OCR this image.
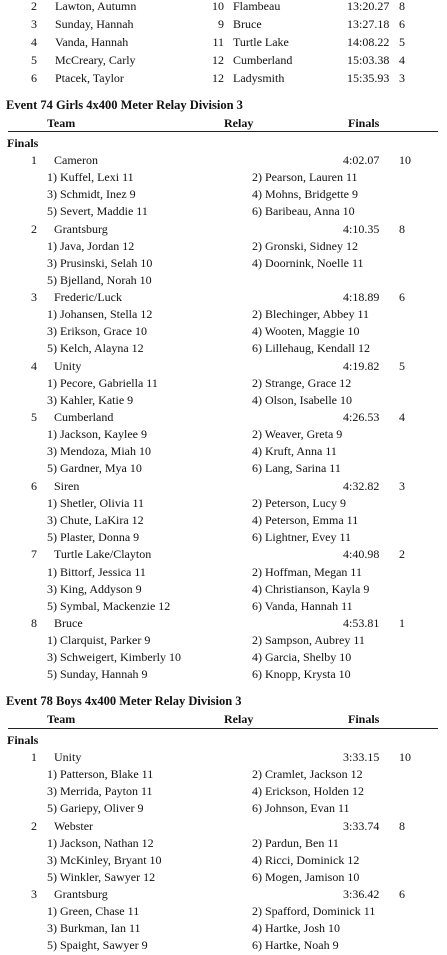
2 Lawton, Autumn	10 Flambeau	13:20.27 8
3 Sunday, Hannah	9 Bruce	13:27.18 6
4 Vanda, Hannah	11 Turtle Lake	14:08.22 5
5 McCreary, Carly	12 Cumberland	15:03.38 4
6 Ptacek, Taylor	12 Ladysmith	15:35.93 3
Event 74 Girls 4x400 Meter Relay Division 3
Team	Relay	Finals
Finals
1 Cameron	4:02.07 10
1) Kuffel, Lexi 11	2) Pearson, Lauren 11
3) Schmidt, Inez 9	4) Mohns, Bridgette 9
5) Severt, Maddie 11	6) Baribeau, Anna 10
2 Grantsburg	4:10.35 8
1) Java, Jordan 12	2) Gronski, Sidney 12
3) Prusinski, Selah 10	4) Doornink, Noelle 11
5) Bjelland, Norah 10
3 Frederic/Luck	4:18.89 6
1) Johansen, Stella 12	2) Blechinger, Abbey 11
3) Erikson, Grace 10	4) Wooten, Maggie 10
5) Kelch, Alayna 12	6) Lillehaug, Kendall 12
4 Unity	4:19.82 5
1) Pecore, Gabriella 11	2) Strange, Grace 12
3) Kahler, Katie 9	4) Olson, Isabelle 10
5 Cumberland	4:26.53 4
1) Jackson, Kaylee 9	2) Weaver, Greta 9
3) Mendoza, Miah 10	4) Kruft, Anna 11
5) Gardner, Mya 10	6) Lang, Sarina 11
6 Siren	4:32.82 3
1) Shetler, Olivia 11	2) Peterson, Lucy 9
3) Chute, LaKira 12	4) Peterson, Emma 11
5) Plaster, Donna 9	6) Lightner, Evey 11
7 Turtle Lake/Clayton	4:40.98 2
1) Bittorf, Jessica 11	2) Hoffman, Megan 11
3) King, Addyson 9	4) Christianson, Kayla 9
5) Symbal, Mackenzie 12	6) Vanda, Hannah 11
8 Bruce	4:53.81 1
1) Clarquist, Parker 9	2) Sampson, Aubrey 11
3) Schweigert, Kimberly 10	4) Garcia, Shelby 10
5) Sunday, Hannah 9	6) Knopp, Krysta 10
Event 78 Boys 4x400 Meter Relay Division 3
Team	Relay	Finals
Finals
1 Unity	3:33.15 10
1) Patterson, Blake 11	2) Cramlet, Jackson 12
3) Merrida, Payton 11	4) Erickson, Holden 12
5) Gariepy, Oliver 9	6) Johnson, Evan 11
2 Webster	3:33.74 8
1) Jackson, Nathan 12	2) Pardun, Ben 11
3) McKinley, Bryant 10	4) Ricci, Dominick 12
5) Winkler, Sawyer 12	6) Mogen, Jamison 10
3 Grantsburg	3:36.42 6
1) Green, Chase 11	2) Spafford, Dominick 11
3) Burkman, Ian 11	4) Hartke, Josh 10
5) Spaight, Sawyer 9	6) Hartke, Noah 9
